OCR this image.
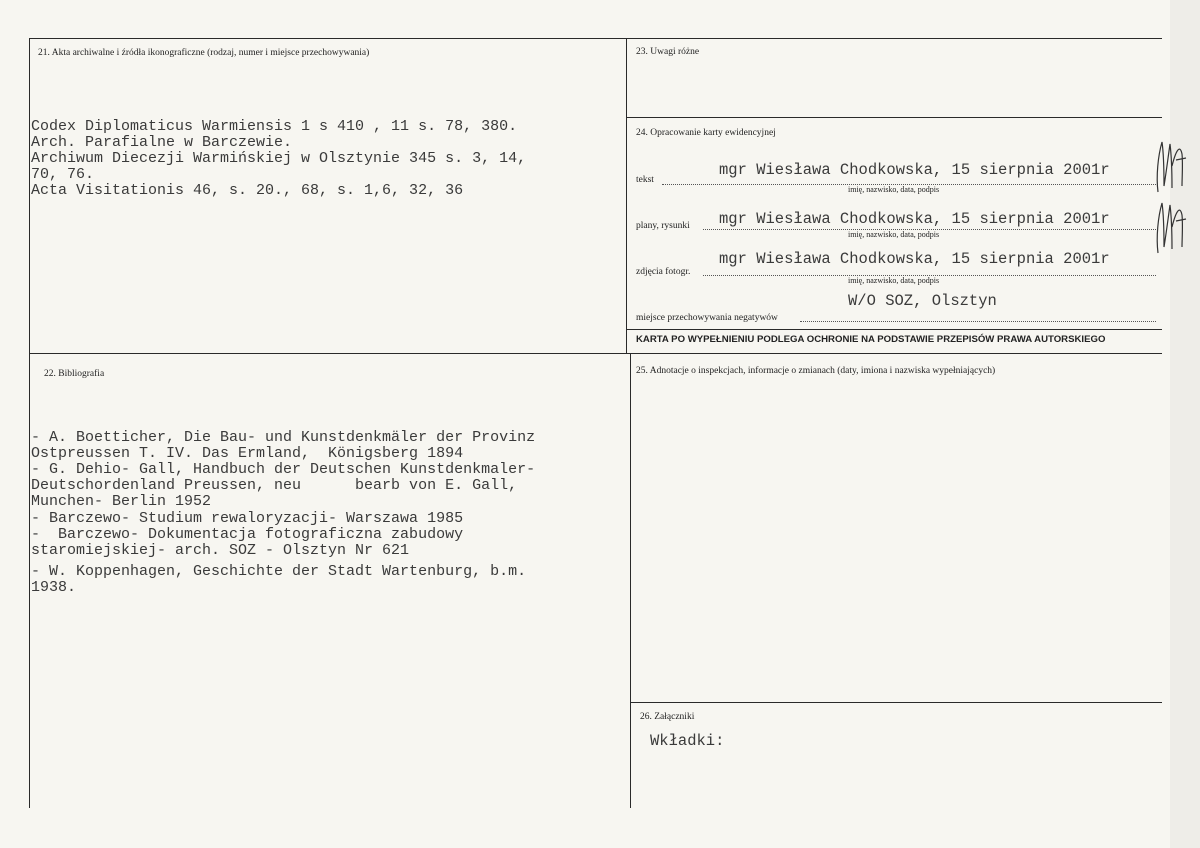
21. Akta archiwalne i źródła ikonograficzne (rodzaj, numer i miejsce przechowywania)
Codex Diplomaticus Warmiensis 1 s 410 , 11 s. 78, 380.
Arch. Parafialne w Barczewie.
Archiwum Diecezji Warmińskiej w Olsztynie 345 s. 3, 14,
70, 76.
Acta Visitationis 46, s. 20., 68, s. 1,6, 32, 36
22. Bibliografia
- A. Boetticher, Die Bau- und Kunstdenkmäler der Provinz
Ostpreussen T. IV. Das Ermland,  Königsberg 1894
- G. Dehio- Gall, Handbuch der Deutschen Kunstdenkmaler-
Deutschordenland Preussen, neu      bearb von E. Gall,
Munchen- Berlin 1952
- Barczewo- Studium rewaloryzacji- Warszawa 1985
-  Barczewo- Dokumentacja fotograficzna zabudowy
staromiejskiej- arch. SOZ - Olsztyn Nr 621
- W. Koppenhagen, Geschichte der Stadt Wartenburg, b.m.
1938.
23. Uwagi różne
24. Opracowanie karty ewidencyjnej
tekst
mgr Wiesława Chodkowska, 15 sierpnia 2001r
imię, nazwisko, data, podpis
plany, rysunki mgr Wiesława Chodkowska, 15 sierpnia 2001r
imię, nazwisko, data, podpis
zdjęcia fotogr.
mgr Wiesława Chodkowska, 15 sierpnia 2001r
imię, nazwisko, data, podpis
miejsce przechowywania negatywów
W/O SOZ, Olsztyn
KARTA PO WYPEŁNIENIU PODLEGA OCHRONIE NA PODSTAWIE PRZEPISÓW PRAWA AUTORSKIEGO
25. Adnotacje o inspekcjach, informacje o zmianach (daty, imiona i nazwiska wypełniających)
26. Załączniki
Wkładki:
